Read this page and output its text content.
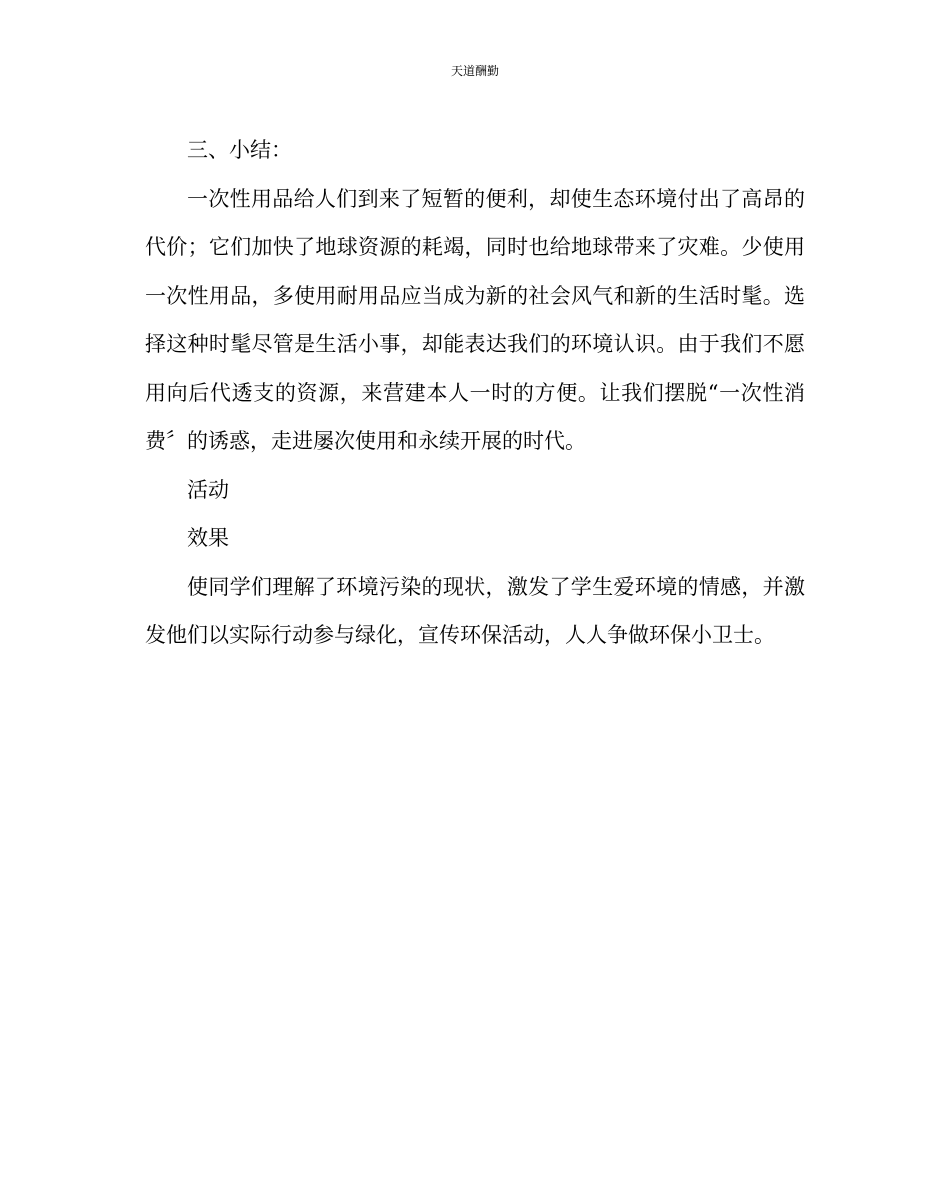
天道酬勤

三、小结：

一次性用品给人们到来了短暂的便利，却使生态环境付出了高昂的代价；它们加快了地球资源的耗竭，同时也给地球带来了灾难。少使用一次性用品，多使用耐用品应当成为新的社会风气和新的生活时髦。选择这种时髦尽管是生活小事，却能表达我们的环境认识。由于我们不愿用向后代透支的资源，来营建本人一时的方便。让我们摆脱“一次性消费〞的诱惑，走进屡次使用和永续开展的时代。

活动

效果

使同学们理解了环境污染的现状，激发了学生爱环境的情感，并激发他们以实际行动参与绿化，宣传环保活动，人人争做环保小卫士。
